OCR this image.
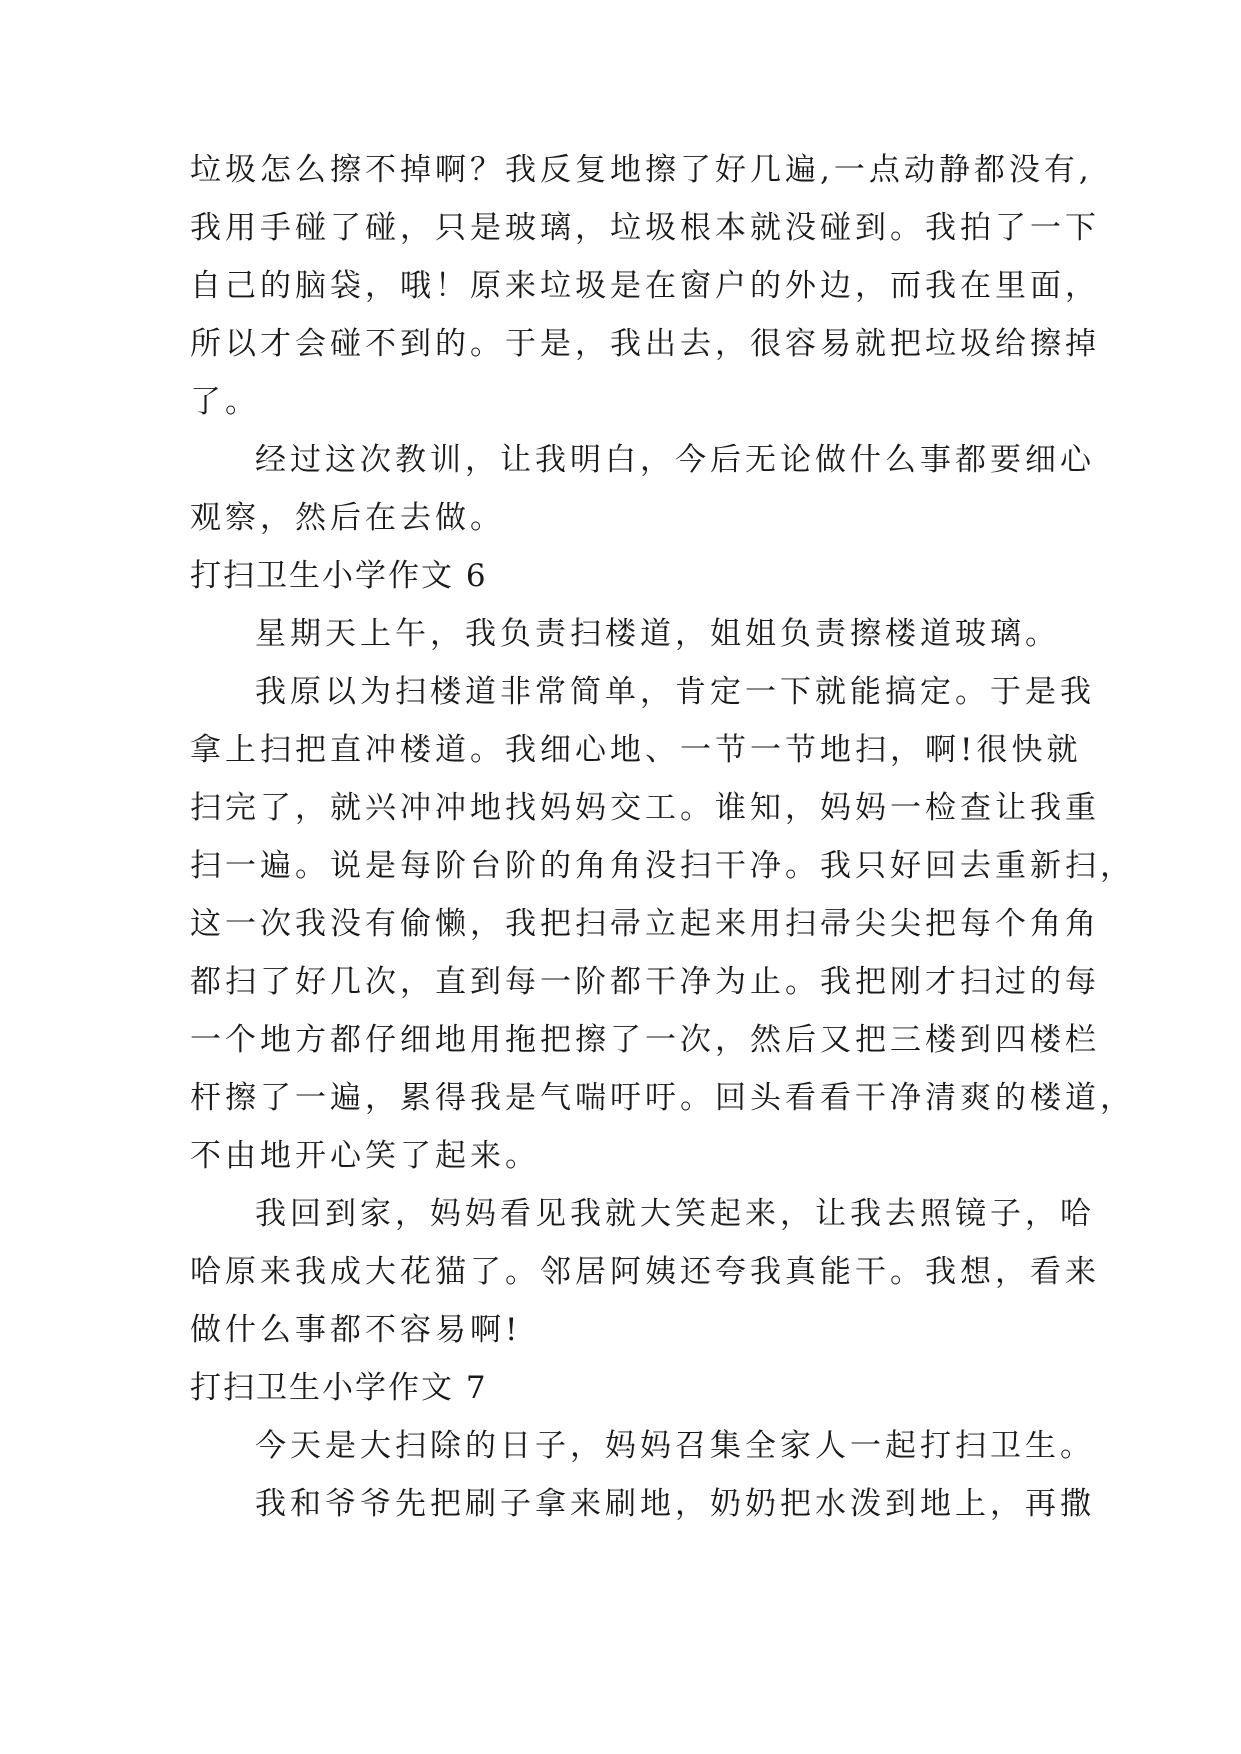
垃圾怎么擦不掉啊？我反复地擦了好几遍,一点动静都没有,
我用手碰了碰，只是玻璃，垃圾根本就没碰到。我拍了一下
自己的脑袋，哦！原来垃圾是在窗户的外边，而我在里面，
所以才会碰不到的。于是，我出去，很容易就把垃圾给擦掉
了。
经过这次教训，让我明白，今后无论做什么事都要细心
观察，然后在去做。
打扫卫生小学作文 6
星期天上午，我负责扫楼道，姐姐负责擦楼道玻璃。
我原以为扫楼道非常简单，肯定一下就能搞定。于是我
拿上扫把直冲楼道。我细心地、一节一节地扫，啊!很快就
扫完了，就兴冲冲地找妈妈交工。谁知，妈妈一检查让我重
扫一遍。说是每阶台阶的角角没扫干净。我只好回去重新扫，
这一次我没有偷懒，我把扫帚立起来用扫帚尖尖把每个角角
都扫了好几次，直到每一阶都干净为止。我把刚才扫过的每
一个地方都仔细地用拖把擦了一次，然后又把三楼到四楼栏
杆擦了一遍，累得我是气喘吁吁。回头看看干净清爽的楼道，
不由地开心笑了起来。
我回到家，妈妈看见我就大笑起来，让我去照镜子，哈
哈原来我成大花猫了。邻居阿姨还夸我真能干。我想，看来
做什么事都不容易啊!
打扫卫生小学作文 7
今天是大扫除的日子，妈妈召集全家人一起打扫卫生。
我和爷爷先把刷子拿来刷地，奶奶把水泼到地上，再撒
